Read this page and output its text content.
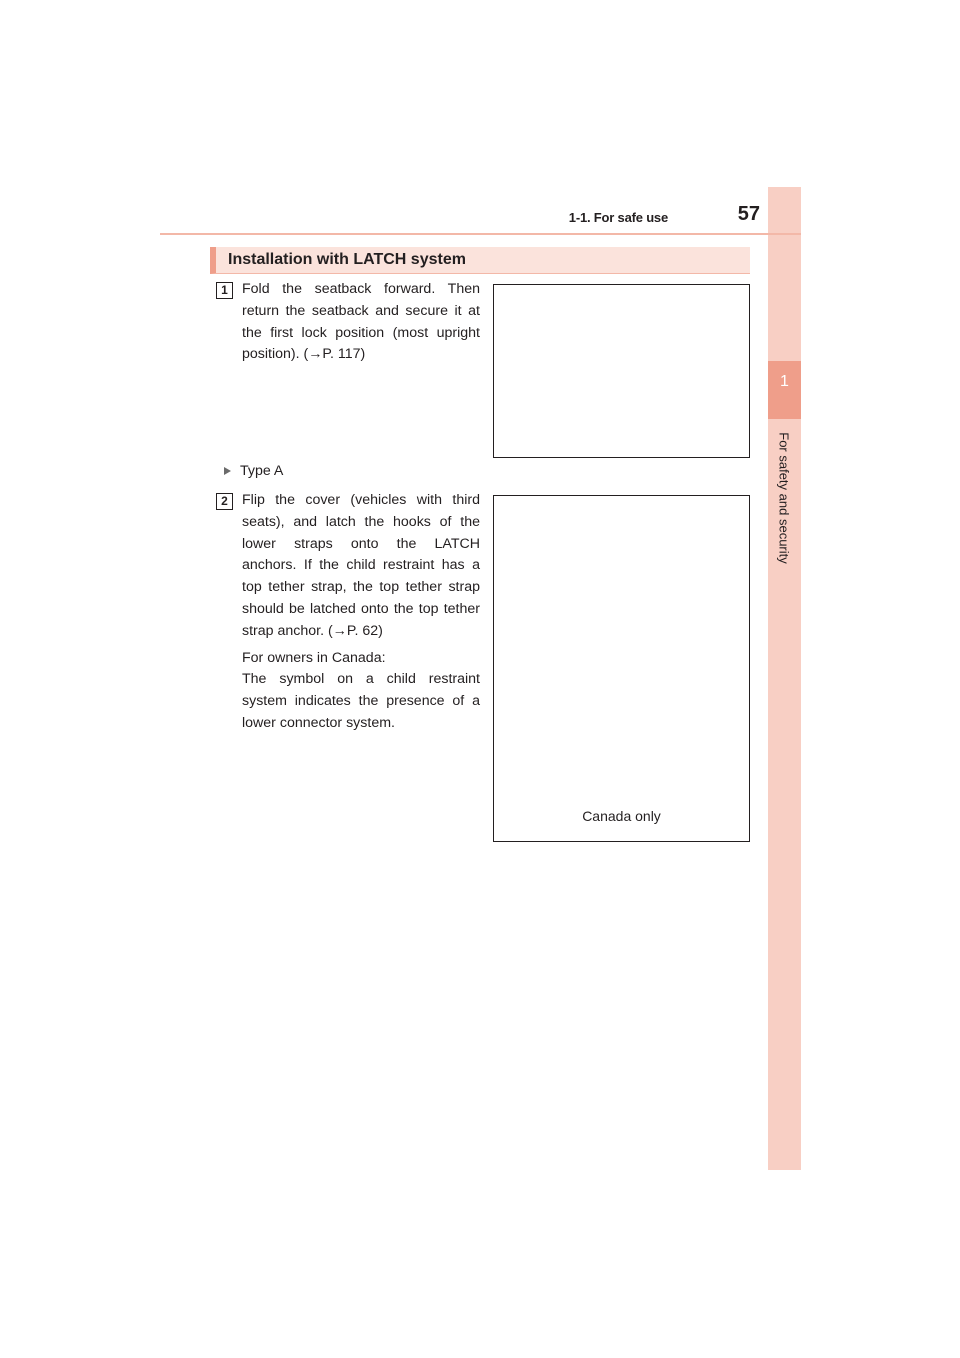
1
For safety and security
1-1. For safe use	57
Installation with LATCH system
1 Fold the seatback forward. Then return the seatback and secure it at the first lock position (most upright position). (→P. 117)

Type A
2 Flip the cover (vehicles with third seats), and latch the hooks of the lower straps onto the LATCH anchors. If the child restraint has a top tether strap, the top tether strap should be latched onto the top tether strap anchor. (→P. 62)

For owners in Canada:

The symbol on a child restraint system indicates the presence of a lower connector system.

Canada only
